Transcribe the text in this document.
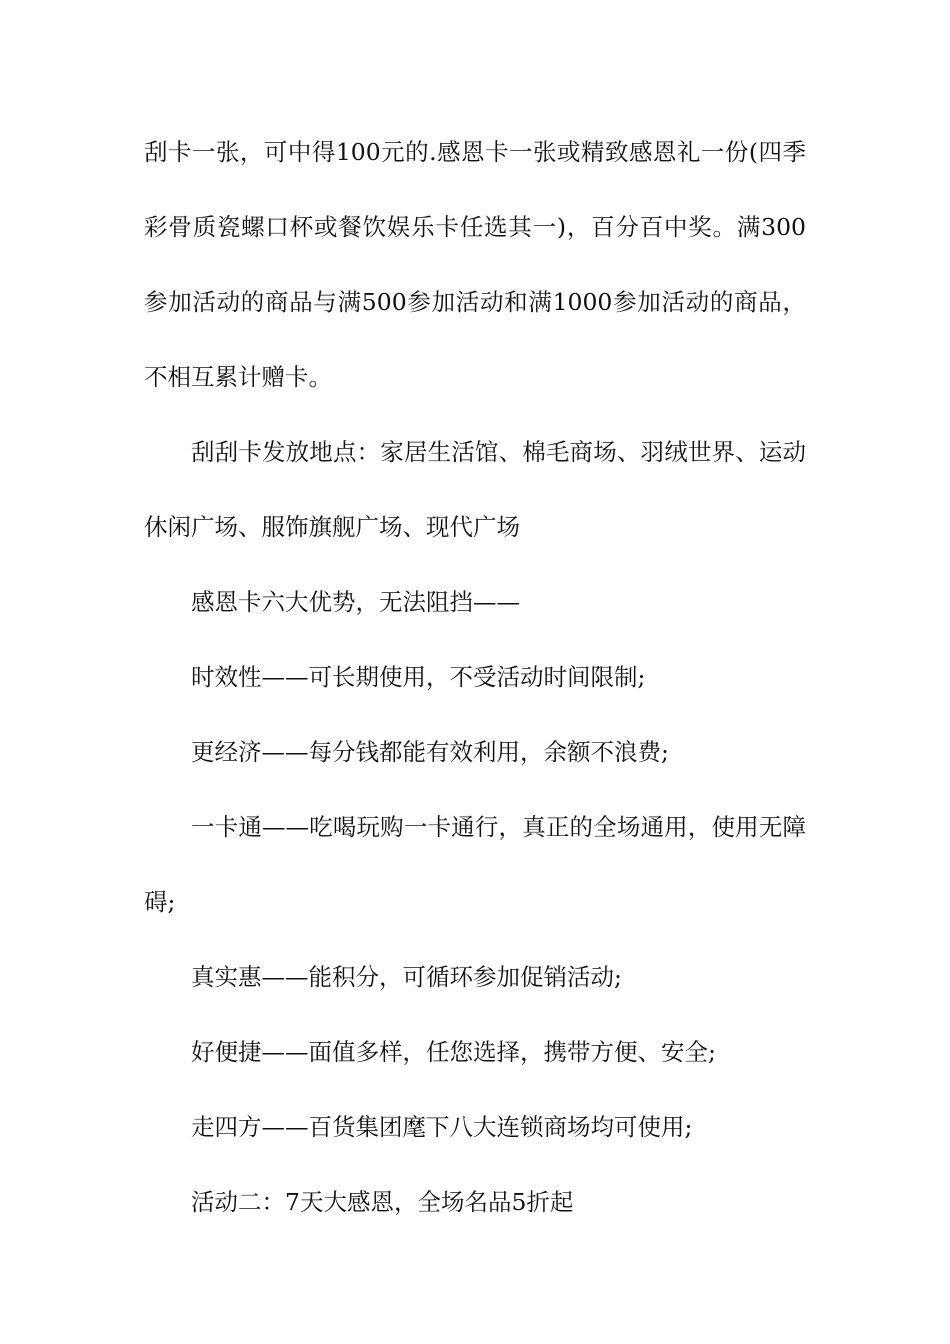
刮卡一张，可中得100元的.感恩卡一张或精致感恩礼一份(四季彩骨质瓷螺口杯或餐饮娱乐卡任选其一)，百分百中奖。满300参加活动的商品与满500参加活动和满1000参加活动的商品，不相互累计赠卡。

刮刮卡发放地点：家居生活馆、棉毛商场、羽绒世界、运动休闲广场、服饰旗舰广场、现代广场

感恩卡六大优势，无法阻挡——

时效性——可长期使用，不受活动时间限制;

更经济——每分钱都能有效利用，余额不浪费;

一卡通——吃喝玩购一卡通行，真正的全场通用，使用无障碍;

真实惠——能积分，可循环参加促销活动;

好便捷——面值多样，任您选择，携带方便、安全;

走四方——百货集团麾下八大连锁商场均可使用;

活动二：7天大感恩，全场名品5折起
